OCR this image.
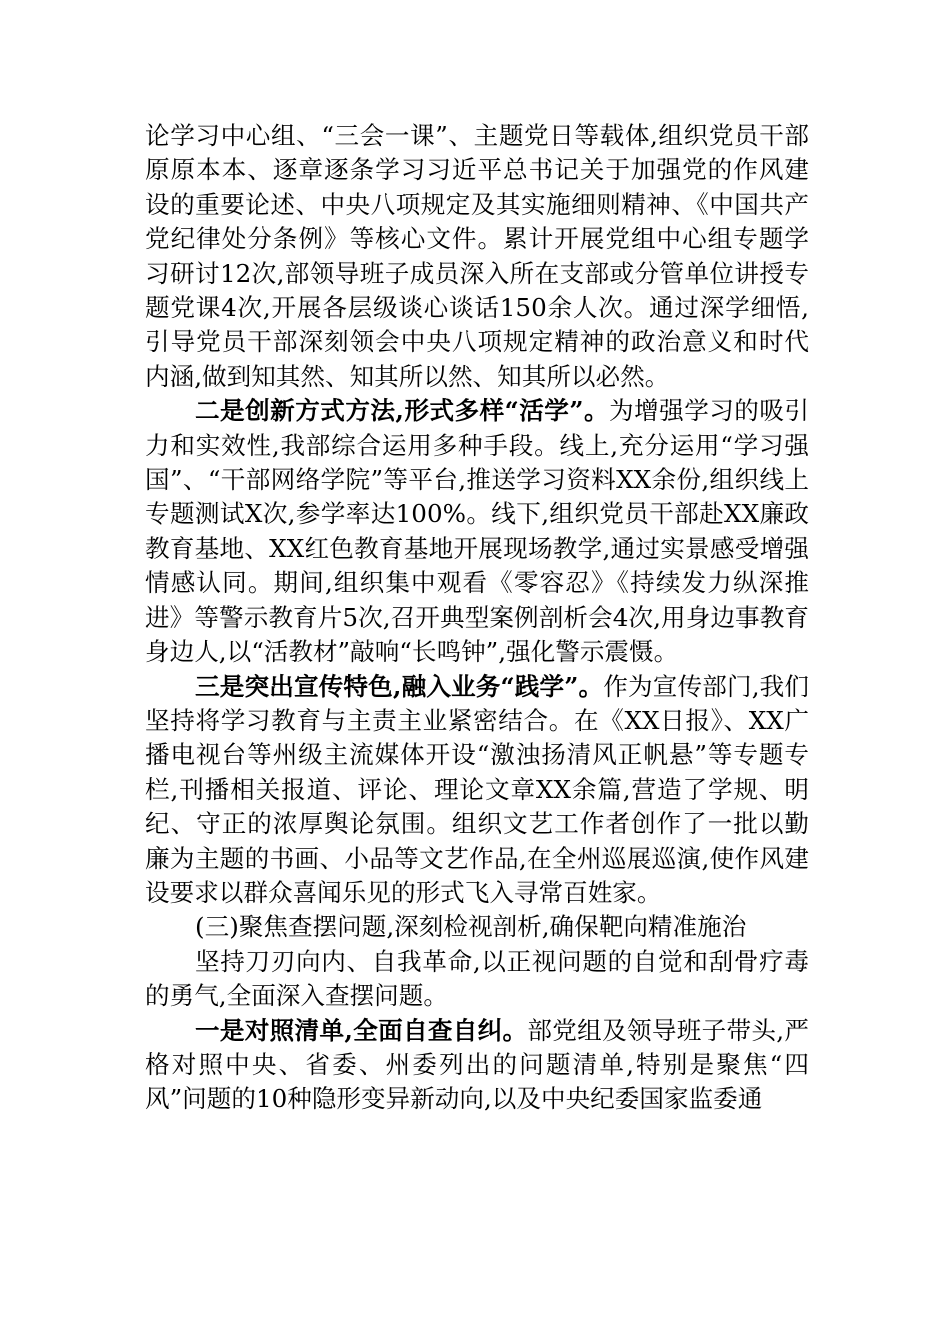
论学习中心组、“三会一课”、主题党日等载体,组织党员干部原原本本、逐章逐条学习习近平总书记关于加强党的作风建设的重要论述、中央八项规定及其实施细则精神、《中国共产党纪律处分条例》等核心文件。累计开展党组中心组专题学习研讨12次,部领导班子成员深入所在支部或分管单位讲授专题党课4次,开展各层级谈心谈话150余人次。通过深学细悟,引导党员干部深刻领会中央八项规定精神的政治意义和时代内涵,做到知其然、知其所以然、知其所以必然。

二是创新方式方法,形式多样“活学”。为增强学习的吸引力和实效性,我部综合运用多种手段。线上,充分运用“学习强国”、“干部网络学院”等平台,推送学习资料XX余份,组织线上专题测试X次,参学率达100%。线下,组织党员干部赴XX廉政教育基地、XX红色教育基地开展现场教学,通过实景感受增强情感认同。期间,组织集中观看《零容忍》《持续发力纵深推进》等警示教育片5次,召开典型案例剖析会4次,用身边事教育身边人,以“活教材”敲响“长鸣钟”,强化警示震慑。

三是突出宣传特色,融入业务“践学”。作为宣传部门,我们坚持将学习教育与主责主业紧密结合。在《XX日报》、XX广播电视台等州级主流媒体开设“激浊扬清风正帆悬”等专题专栏,刊播相关报道、评论、理论文章XX余篇,营造了学规、明纪、守正的浓厚舆论氛围。组织文艺工作者创作了一批以勤廉为主题的书画、小品等文艺作品,在全州巡展巡演,使作风建设要求以群众喜闻乐见的形式飞入寻常百姓家。

(三)聚焦查摆问题,深刻检视剖析,确保靶向精准施治

坚持刀刃向内、自我革命,以正视问题的自觉和刮骨疗毒的勇气,全面深入查摆问题。

一是对照清单,全面自查自纠。部党组及领导班子带头,严格对照中央、省委、州委列出的问题清单,特别是聚焦“四风”问题的10种隐形变异新动向,以及中央纪委国家监委通
